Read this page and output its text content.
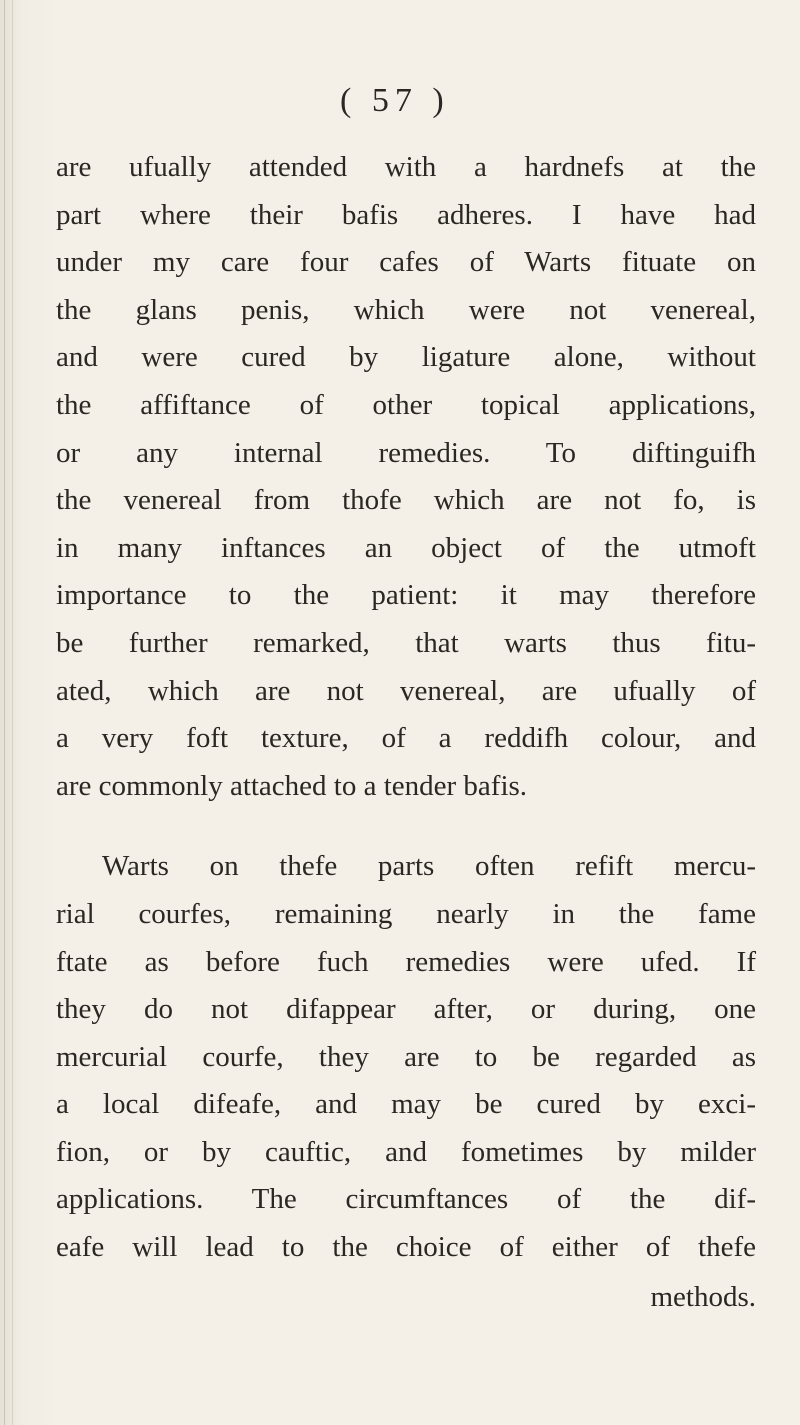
( 57 )
are ufually attended with a hardnefs at the
part where their bafis adheres. I have had
under my care four cafes of Warts fituate on
the glans penis, which were not venereal,
and were cured by ligature alone, without
the affiftance of other topical applications,
or any internal remedies. To diftinguifh
the venereal from thofe which are not fo, is
in many inftances an object of the utmoft
importance to the patient: it may therefore
be further remarked, that warts thus fitu-
ated, which are not venereal, are ufually of
a very foft texture, of a reddifh colour, and
are commonly attached to a tender bafis.
Warts on thefe parts often refift mercu-
rial courfes, remaining nearly in the fame
ftate as before fuch remedies were ufed. If
they do not difappear after, or during, one
mercurial courfe, they are to be regarded as
a local difeafe, and may be cured by exci-
fion, or by cauftic, and fometimes by milder
applications. The circumftances of the dif-
eafe will lead to the choice of either of thefe
methods.
